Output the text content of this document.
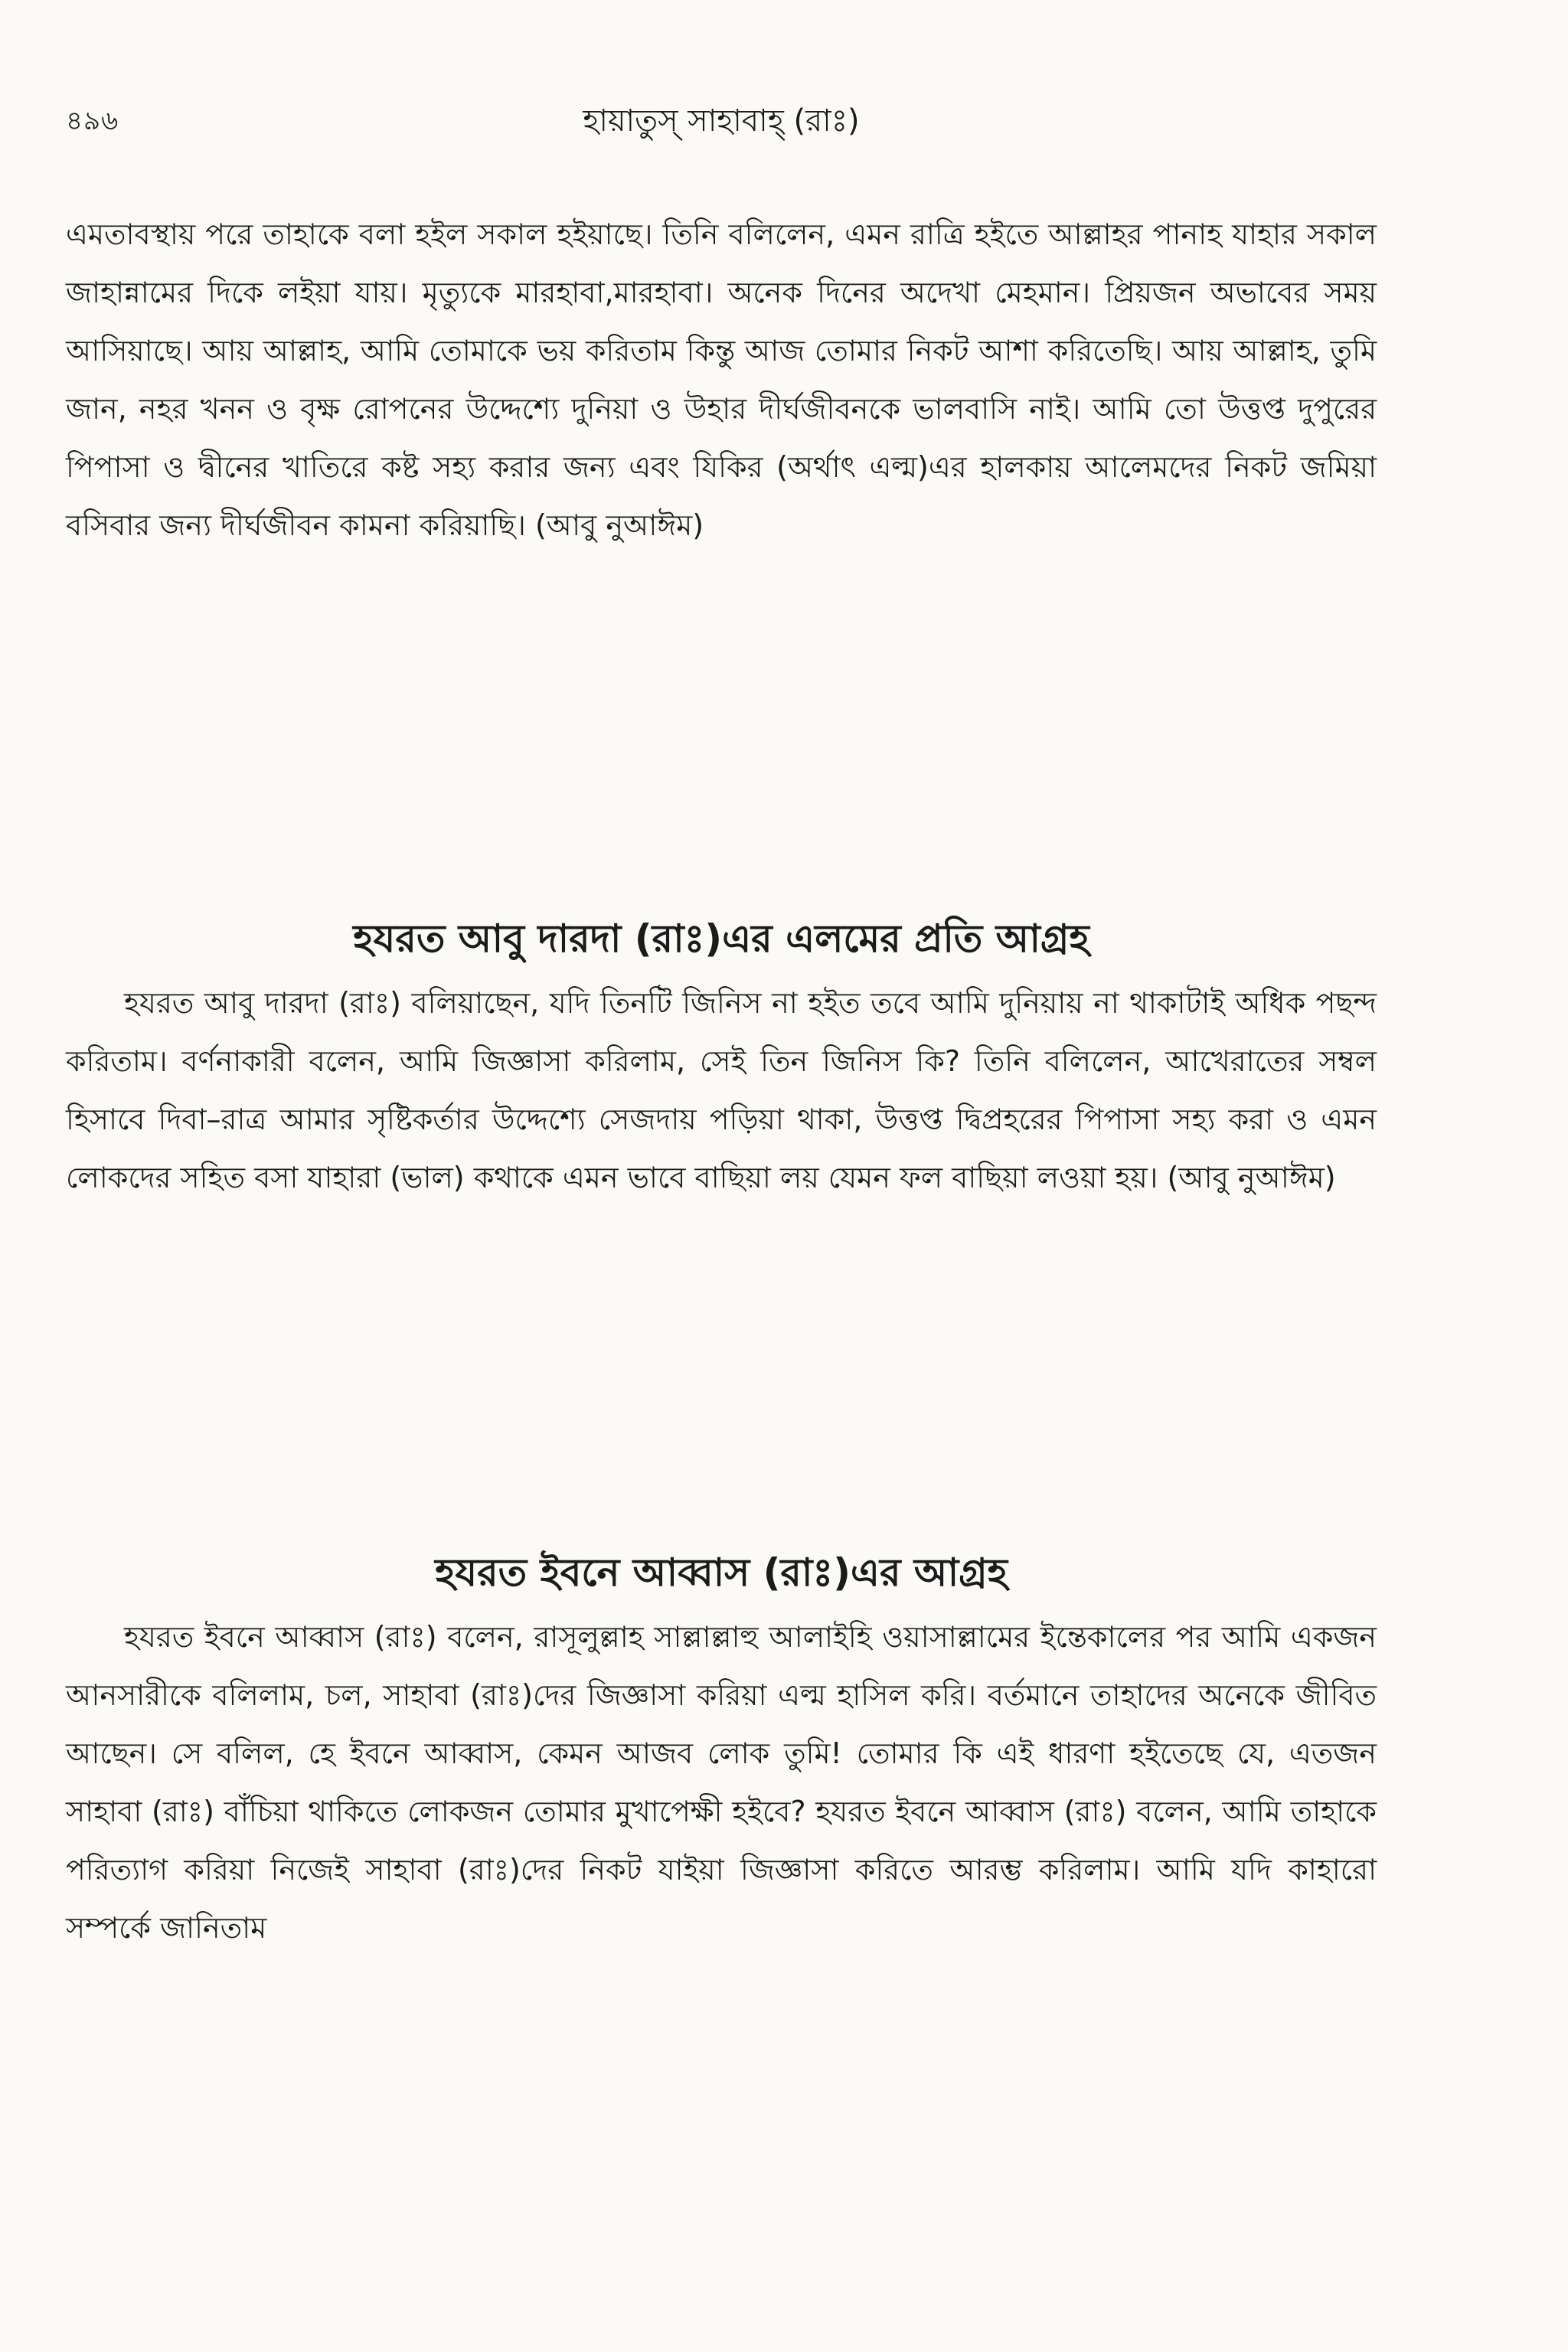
৪৯৬	হায়াতুস্ সাহাবাহ্ (রাঃ)

এমতাবস্থায় পরে তাহাকে বলা হইল সকাল হইয়াছে। তিনি বলিলেন, এমন রাত্রি হইতে আল্লাহর পানাহ যাহার সকাল জাহান্নামের দিকে লইয়া যায়। মৃত্যুকে মারহাবা,মারহাবা। অনেক দিনের অদেখা মেহমান। প্রিয়জন অভাবের সময় আসিয়াছে। আয় আল্লাহ, আমি তোমাকে ভয় করিতাম কিন্তু আজ তোমার নিকট আশা করিতেছি। আয় আল্লাহ, তুমি জান, নহর খনন ও বৃক্ষ রোপনের উদ্দেশ্যে দুনিয়া ও উহার দীর্ঘজীবনকে ভালবাসি নাই। আমি তো উত্তপ্ত দুপুরের পিপাসা ও দ্বীনের খাতিরে কষ্ট সহ্য করার জন্য এবং যিকির (অর্থাৎ এল্ম)এর হালকায় আলেমদের নিকট জমিয়া বসিবার জন্য দীর্ঘজীবন কামনা করিয়াছি। (আবু নুআঈম)

হযরত আবু দারদা (রাঃ)এর এলমের প্রতি আগ্রহ

হযরত আবু দারদা (রাঃ) বলিয়াছেন, যদি তিনটি জিনিস না হইত তবে আমি দুনিয়ায় না থাকাটাই অধিক পছন্দ করিতাম। বর্ণনাকারী বলেন, আমি জিজ্ঞাসা করিলাম, সেই তিন জিনিস কি? তিনি বলিলেন, আখেরাতের সম্বল হিসাবে দিবা–রাত্র আমার সৃষ্টিকর্তার উদ্দেশ্যে সেজদায় পড়িয়া থাকা, উত্তপ্ত দ্বিপ্রহরের পিপাসা সহ্য করা ও এমন লোকদের সহিত বসা যাহারা (ভাল) কথাকে এমন ভাবে বাছিয়া লয় যেমন ফল বাছিয়া লওয়া হয়। (আবু নুআঈম)

হযরত ইবনে আব্বাস (রাঃ)এর আগ্রহ

হযরত ইবনে আব্বাস (রাঃ) বলেন, রাসূলুল্লাহ সাল্লাল্লাহু আলাইহি ওয়াসাল্লামের ইন্তেকালের পর আমি একজন আনসারীকে বলিলাম, চল, সাহাবা (রাঃ)দের জিজ্ঞাসা করিয়া এল্ম হাসিল করি। বর্তমানে তাহাদের অনেকে জীবিত আছেন। সে বলিল, হে ইবনে আব্বাস, কেমন আজব লোক তুমি! তোমার কি এই ধারণা হইতেছে যে, এতজন সাহাবা (রাঃ) বাঁচিয়া থাকিতে লোকজন তোমার মুখাপেক্ষী হইবে? হযরত ইবনে আব্বাস (রাঃ) বলেন, আমি তাহাকে পরিত্যাগ করিয়া নিজেই সাহাবা (রাঃ)দের নিকট যাইয়া জিজ্ঞাসা করিতে আরম্ভ করিলাম। আমি যদি কাহারো সম্পর্কে জানিতাম
